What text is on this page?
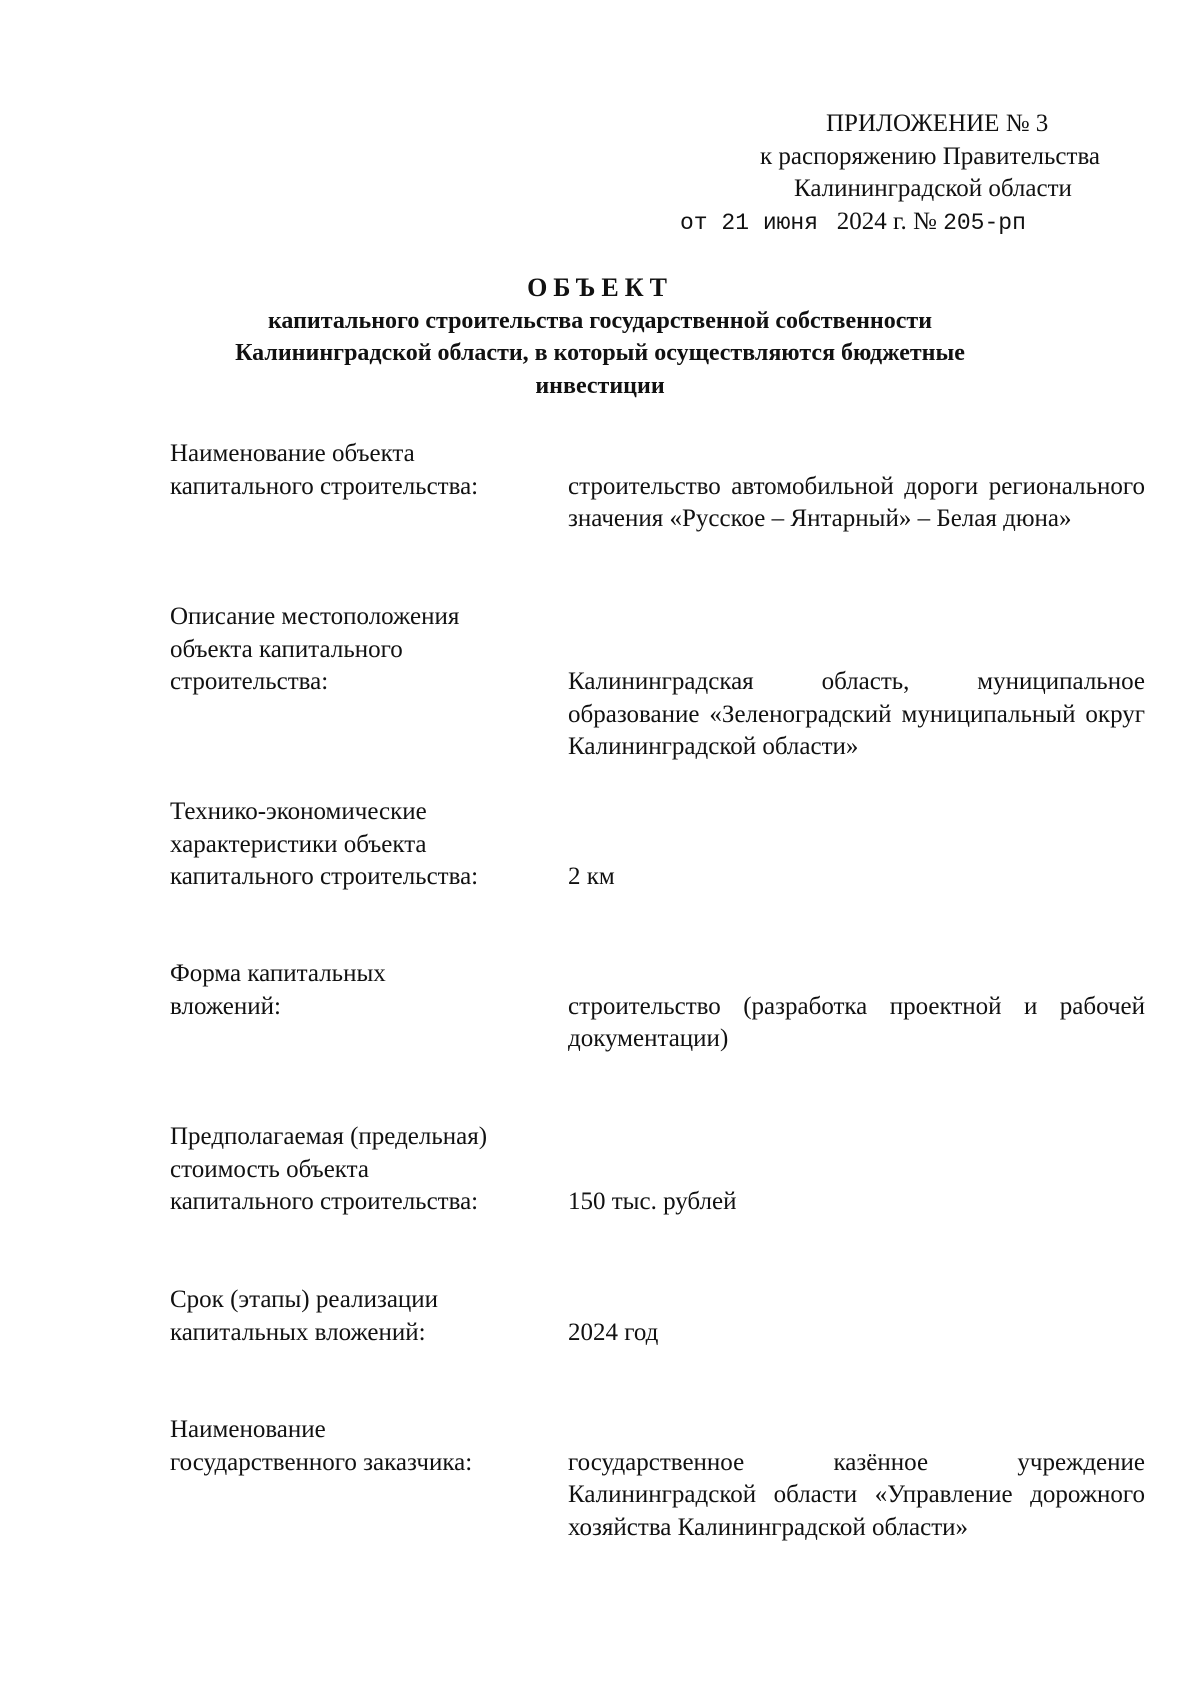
ПРИЛОЖЕНИЕ № 3
к распоряжению Правительства
Калининградской области
от 21 июня 2024 г. № 205-рп
ОБЪЕКТ
капитального строительства государственной собственности
Калининградской области, в который осуществляются бюджетные
инвестиции
Наименование объекта
капитального строительства:	строительство автомобильной дороги регионального значения «Русское – Янтарный» – Белая дюна»
Описание местоположения
объекта капитального
строительства:	Калининградская область, муниципальное образование «Зеленоградский муниципальный округ Калининградской области»
Технико-экономические
характеристики объекта
капитального строительства:	2 км
Форма капитальных
вложений:	строительство (разработка проектной и рабочей документации)
Предполагаемая (предельная)
стоимость объекта
капитального строительства:	150 тыс. рублей
Срок (этапы) реализации
капитальных вложений:	2024 год
Наименование
государственного заказчика:	государственное казённое учреждение Калининградской области «Управление дорожного хозяйства Калининградской области»
